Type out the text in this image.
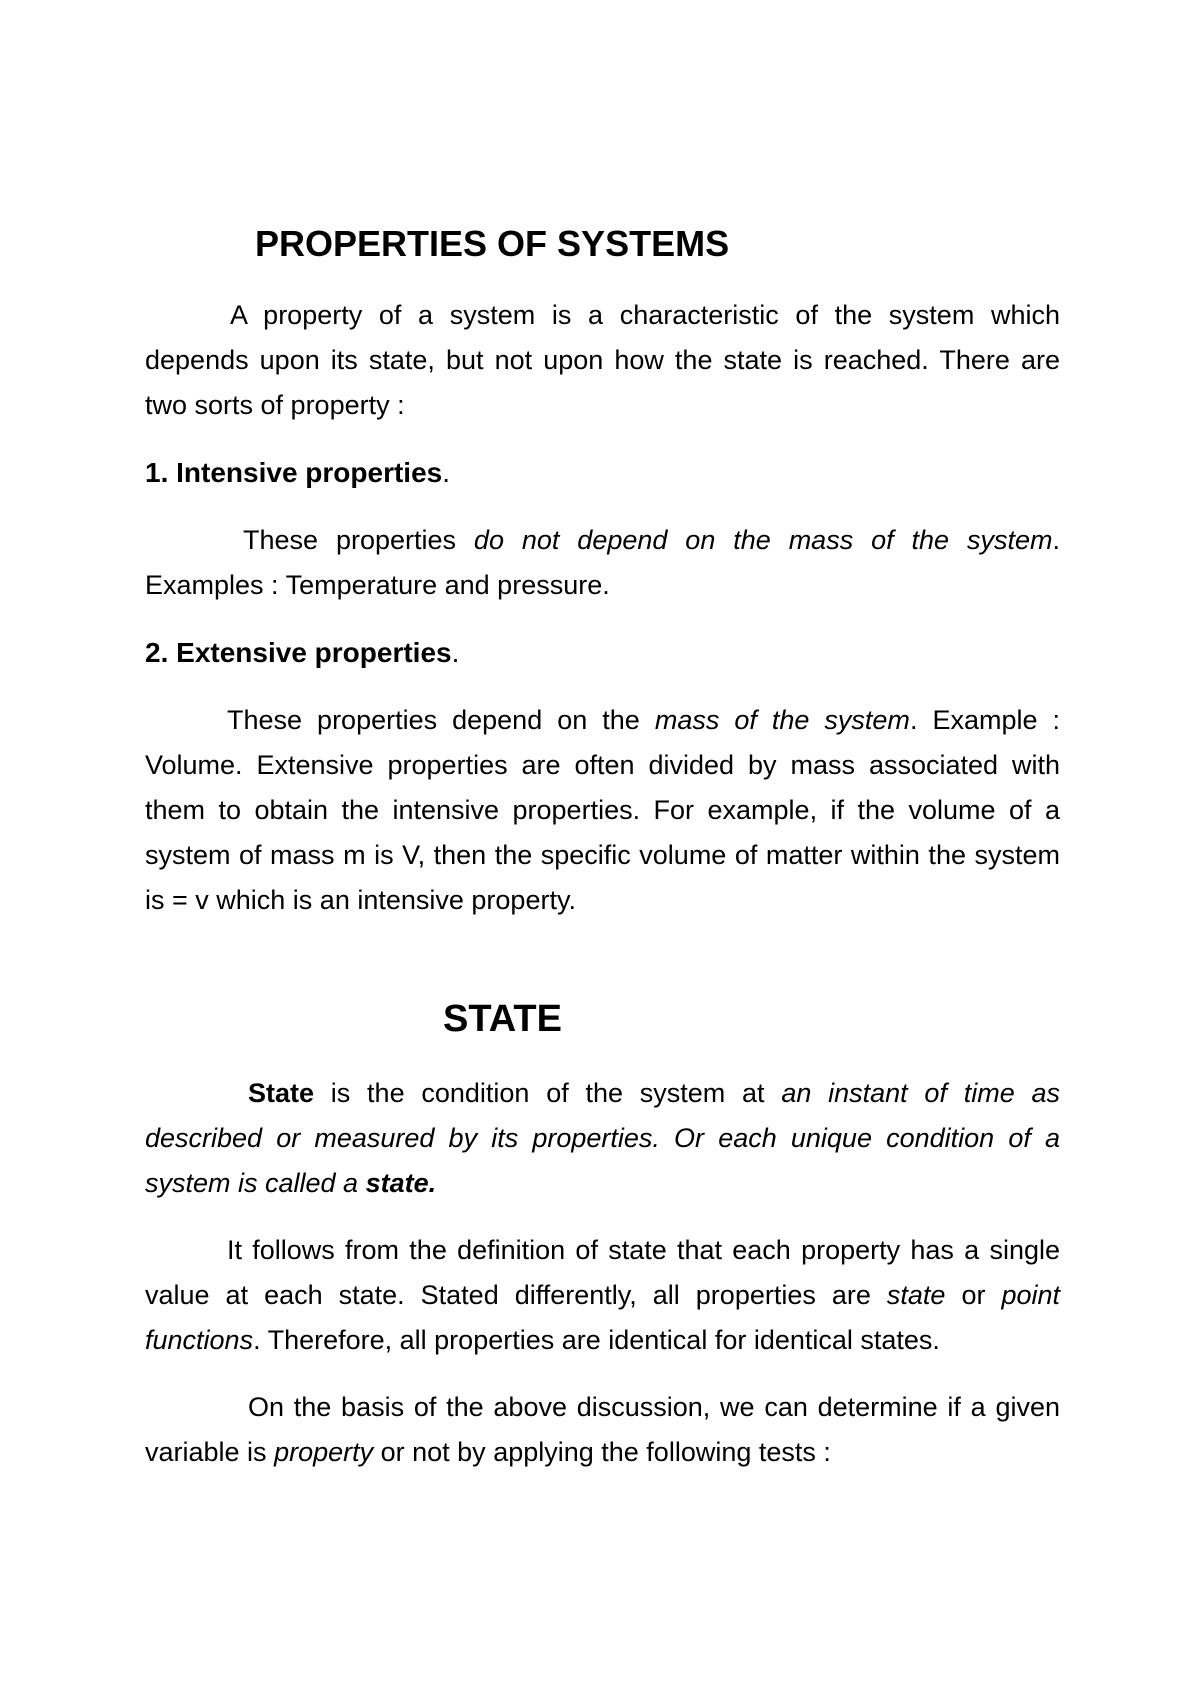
PROPERTIES OF SYSTEMS

A property of a system is a characteristic of the system which depends upon its state, but not upon how the state is reached. There are two sorts of property :

1. Intensive properties.

These properties do not depend on the mass of the system. Examples : Temperature and pressure.

2. Extensive properties.

These properties depend on the mass of the system. Example : Volume. Extensive properties are often divided by mass associated with them to obtain the intensive properties. For example, if the volume of a system of mass m is V, then the specific volume of matter within the system is = v which is an intensive property.

STATE

State is the condition of the system at an instant of time as described or measured by its properties. Or each unique condition of a system is called a state.

It follows from the definition of state that each property has a single value at each state. Stated differently, all properties are state or point functions. Therefore, all properties are identical for identical states.

On the basis of the above discussion, we can determine if a given variable is property or not by applying the following tests :
